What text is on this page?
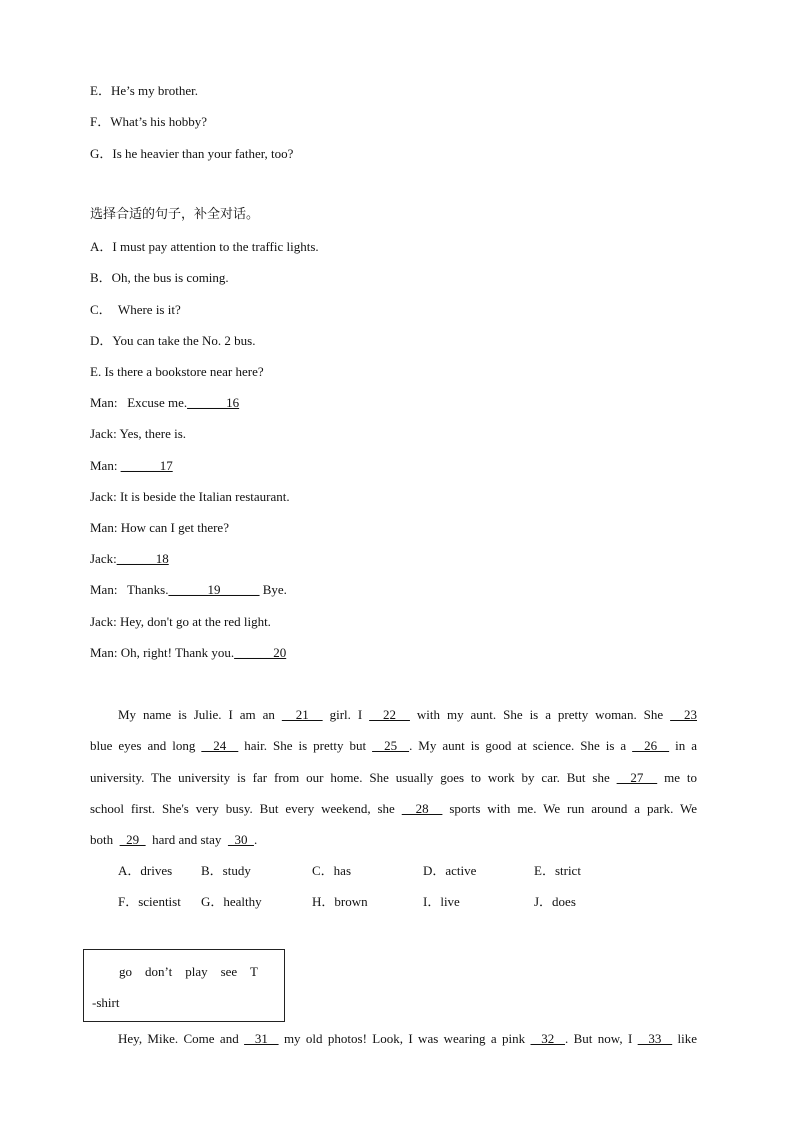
E．He’s my brother.
F．What’s his hobby?
G．Is he heavier than your father, too?
选择合适的句子，补全对话。
A．I must pay attention to the traffic lights.
B．Oh, the bus is coming.
C．  Where is it?
D．You can take the No. 2 bus.
E. Is there a bookstore near here?
Man:   Excuse me.______16
Jack: Yes, there is.
Man: ______17
Jack: It is beside the Italian restaurant.
Man: How can I get there?
Jack:______18
Man:   Thanks.______19______ Bye.
Jack: Hey, don't go at the red light.
Man: Oh, right! Thank you.______20
My name is Julie. I am an   21   girl. I   22   with my aunt. She is a pretty woman. She   23
blue eyes and long   24   hair. She is pretty but   25  . My aunt is good at science. She is a   26   in a
university. The university is far from our home. She usually goes to work by car. But she   27   me to
school first. She's very busy. But every weekend, she   28   sports with me. We run around a park. We
both    29    hard and stay    30  .
A．drives B．study	C．has	D．active	E．strict
F．scientist G．healthy	H．brown	I．live	J．does
go    don’t    play    see    T
-shirt
Hey, Mike. Come and   31   my old photos! Look, I was wearing a pink   32  . But now, I   33   like
